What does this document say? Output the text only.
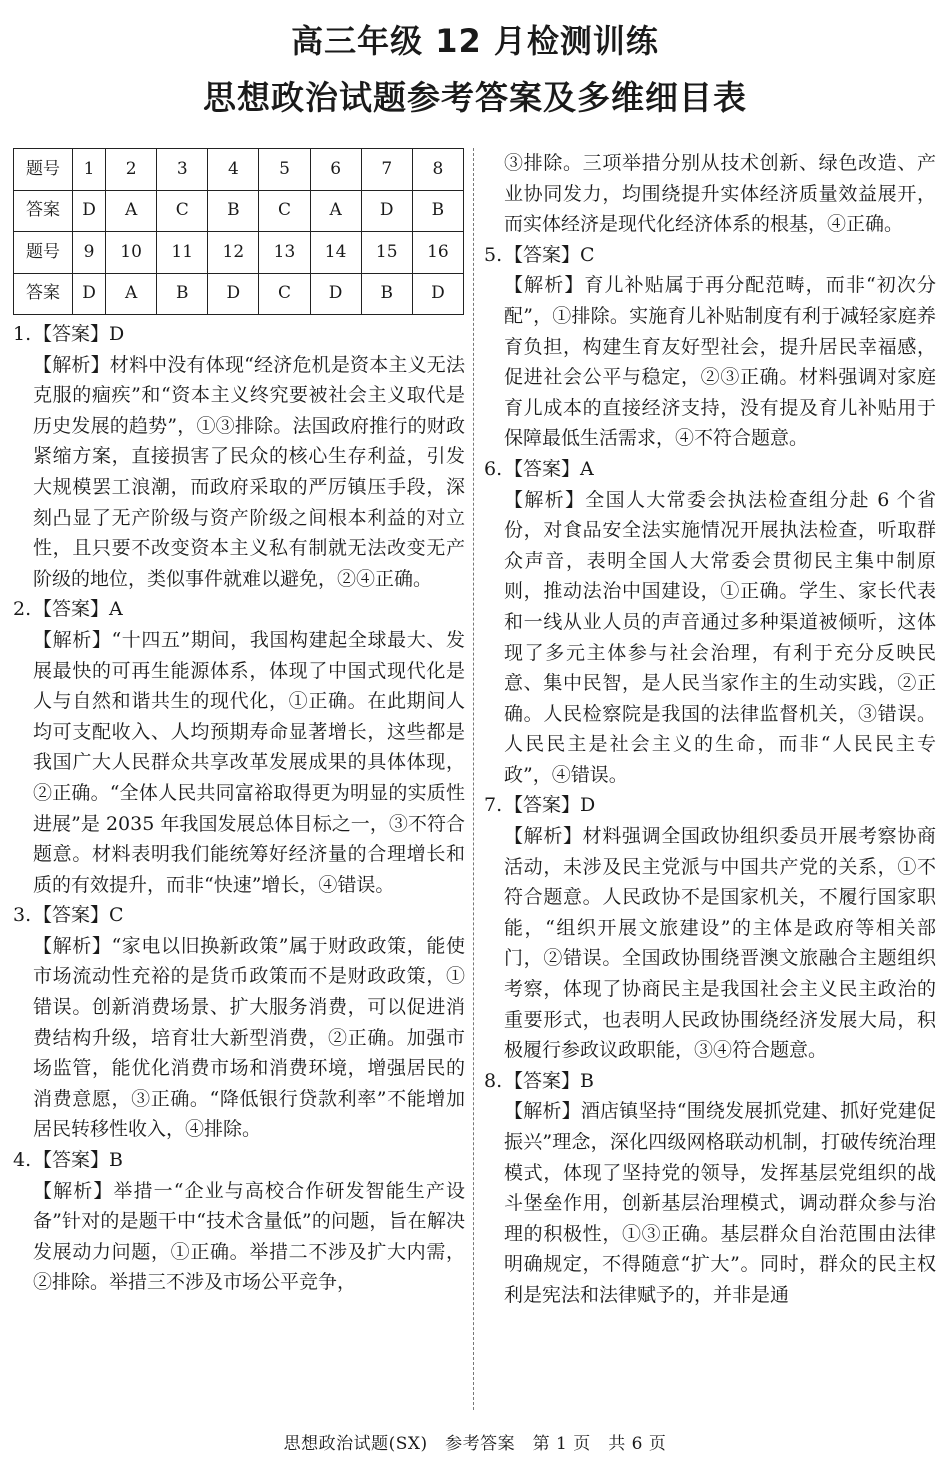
高三年级 12 月检测训练
思想政治试题参考答案及多维细目表
题号	1	2	3	4	5	6	7	8
答案	D	A	C	B	C	A	D	B
题号	9	10	11	12	13	14	15	16
答案	D	A	B	D	C	D	B	D

1.【答案】D

【解析】材料中没有体现“经济危机是资本主义无法克服的痼疾”和“资本主义终究要被社会主义取代是历史发展的趋势”，①③排除。法国政府推行的财政紧缩方案，直接损害了民众的核心生存利益，引发大规模罢工浪潮，而政府采取的严厉镇压手段，深刻凸显了无产阶级与资产阶级之间根本利益的对立性，且只要不改变资本主义私有制就无法改变无产阶级的地位，类似事件就难以避免，②④正确。

2.【答案】A

【解析】“十四五”期间，我国构建起全球最大、发展最快的可再生能源体系，体现了中国式现代化是人与自然和谐共生的现代化，①正确。在此期间人均可支配收入、人均预期寿命显著增长，这些都是我国广大人民群众共享改革发展成果的具体体现，②正确。“全体人民共同富裕取得更为明显的实质性进展”是 2035 年我国发展总体目标之一，③不符合题意。材料表明我们能统筹好经济量的合理增长和质的有效提升，而非“快速”增长，④错误。

3.【答案】C

【解析】“家电以旧换新政策”属于财政政策，能使市场流动性充裕的是货币政策而不是财政政策，①错误。创新消费场景、扩大服务消费，可以促进消费结构升级，培育壮大新型消费，②正确。加强市场监管，能优化消费市场和消费环境，增强居民的消费意愿，③正确。“降低银行贷款利率”不能增加居民转移性收入，④排除。

4.【答案】B

【解析】举措一“企业与高校合作研发智能生产设备”针对的是题干中“技术含量低”的问题，旨在解决发展动力问题，①正确。举措二不涉及扩大内需，②排除。举措三不涉及市场公平竞争，

③排除。三项举措分别从技术创新、绿色改造、产业协同发力，均围绕提升实体经济质量效益展开，而实体经济是现代化经济体系的根基，④正确。

5.【答案】C

【解析】育儿补贴属于再分配范畴，而非“初次分配”，①排除。实施育儿补贴制度有利于减轻家庭养育负担，构建生育友好型社会，提升居民幸福感，促进社会公平与稳定，②③正确。材料强调对家庭育儿成本的直接经济支持，没有提及育儿补贴用于保障最低生活需求，④不符合题意。

6.【答案】A

【解析】全国人大常委会执法检查组分赴 6 个省份，对食品安全法实施情况开展执法检查，听取群众声音，表明全国人大常委会贯彻民主集中制原则，推动法治中国建设，①正确。学生、家长代表和一线从业人员的声音通过多种渠道被倾听，这体现了多元主体参与社会治理，有利于充分反映民意、集中民智，是人民当家作主的生动实践，②正确。人民检察院是我国的法律监督机关，③错误。人民民主是社会主义的生命，而非“人民民主专政”，④错误。

7.【答案】D

【解析】材料强调全国政协组织委员开展考察协商活动，未涉及民主党派与中国共产党的关系，①不符合题意。人民政协不是国家机关，不履行国家职能，“组织开展文旅建设”的主体是政府等相关部门，②错误。全国政协围绕晋澳文旅融合主题组织考察，体现了协商民主是我国社会主义民主政治的重要形式，也表明人民政协围绕经济发展大局，积极履行参政议政职能，③④符合题意。

8.【答案】B

【解析】酒店镇坚持“围绕发展抓党建、抓好党建促振兴”理念，深化四级网格联动机制，打破传统治理模式，体现了坚持党的领导，发挥基层党组织的战斗堡垒作用，创新基层治理模式，调动群众参与治理的积极性，①③正确。基层群众自治范围由法律明确规定，不得随意“扩大”。同时，群众的民主权利是宪法和法律赋予的，并非是通

思想政治试题(SX)　参考答案　第 1 页　共 6 页
